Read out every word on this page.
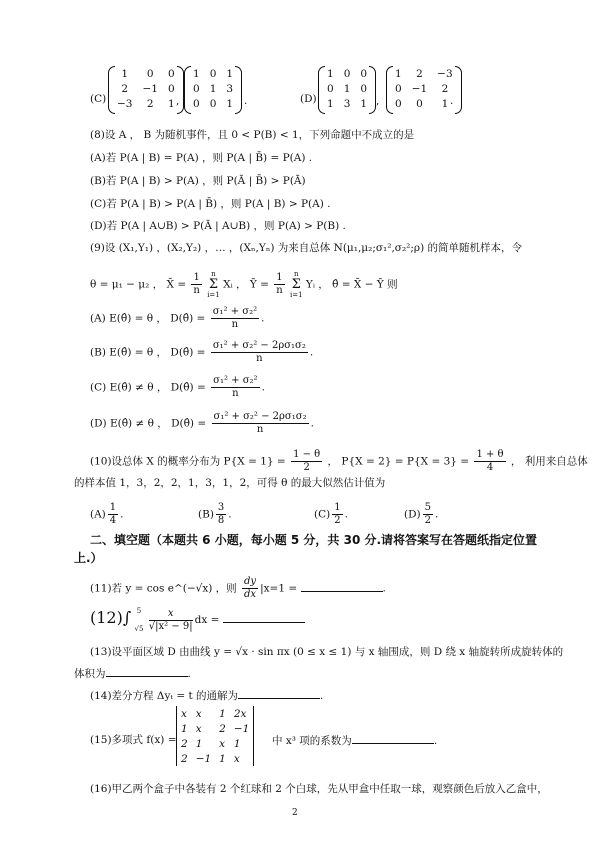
(C)
1	0	0
2	−1	0
−3	2	1 ,
1	0	1
0	1	3
0	0	1 .	(D)
1	0	0
0	1	0
1	3	1 ,
1	2	−3
0	−1	2
0	0	1 .
(8)设 A ， B 为随机事件，且 0 < P(B) < 1，下列命题中不成立的是
(A)若 P(A | B) = P(A) ，则 P(A | B̄) = P(A) .
(B)若 P(A | B) > P(A) ，则 P(Ā | B̄) > P(Ā)
(C)若 P(A | B) > P(A | B̄) ，则 P(A | B) > P(A) .
(D)若 P(A | A∪B) > P(Ā | A∪B) ，则 P(A) > P(B) .
(9)设 (X₁,Y₁) ，(X₂,Y₂) ，… ，(Xₙ,Yₙ) 为来自总体 N(μ₁,μ₂;σ₁²,σ₂²;ρ) 的简单随机样本，令
θ = μ₁ − μ₂ ， X̄ = $\frac{1}{n}$
	n
Σ
i=1
Xᵢ ， Ȳ = $\frac{1}{n}$
	n
Σ
i=1
Yᵢ ， θ̂ = X̄ − Ȳ 则
(A) E(θ̂) = θ ， D(θ̂) = $\frac{\text{σ₁² + σ₂²}}{n}$ .
(B) E(θ̂) = θ ， D(θ̂) = $\frac{\text{σ₁² + σ₂² − 2ρσ₁σ₂}}{n}$ .
(C) E(θ̂) ≠ θ ， D(θ̂) = $\frac{\text{σ₁² + σ₂²}}{n}$ .
(D) E(θ̂) ≠ θ ， D(θ̂) = $\frac{\text{σ₁² + σ₂² − 2ρσ₁σ₂}}{n}$ .
(10)设总体 X 的概率分布为 $P\{X = 1\} = \frac{1 - \theta}{2}$ ， $P\{X = 2\} = P\{X = 3\} = \frac{1 + \theta}{4}$ ， 利用来自总体
的样本值 1，3，2，2，1，3，1，2，可得 θ 的最大似然估计值为
$(A) \frac{1}{4}$ .	$(B) \frac{3}{8}$ .	$(C) \frac{1}{2}$ .	$(D) \frac{5}{2}$ .
二、填空题（本题共 6 小题，每小题 5 分，共 30 分.请将答案写在答题纸指定位置
上.）
(11)若 y = cos e^(−√x) ，则 $\frac{dy}{dx} |x=1$ =	.
(12)∫ 5
√5
$\frac{x}{\text{√|x² − 9|}}$ dx =
(13)设平面区域 D 由曲线 y = √x · sin πx (0 ≤ x ≤ 1) 与 x 轴围成，则 D 绕 x 轴旋转所成旋转体的
体积为	.
(14)差分方程 Δyₜ = t 的通解为	.
(15)多项式 f(x) =
x	x	1	2x
1	x	2	−1
2	1	x	1
2	−1	1	x
中 x³ 项的系数为	.
(16)甲乙两个盒子中各装有 2 个红球和 2 个白球，先从甲盒中任取一球，观察颜色后放入乙盒中，
2
